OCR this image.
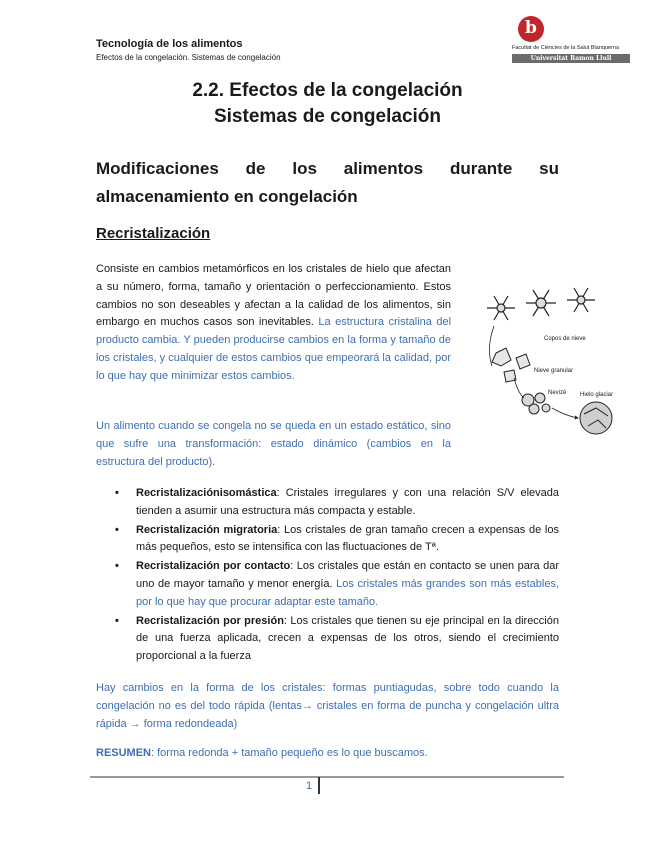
Tecnología de los alimentos
Efectos de la congelación. Sistemas de congelación
b
Facultat de Ciències de la Salut Blanquerna
Universitat Ramon Llull
2.2. Efectos de la congelación
Sistemas de congelación
Modificaciones de los alimentos durante su
almacenamiento en congelación
Recristalización
Consiste en cambios metamórficos en los cristales de hielo que afectan a su número, forma, tamaño y orientación o perfeccionamiento. Estos cambios no son deseables y afectan a la calidad de los alimentos, sin embargo en muchos casos son inevitables. La estructura cristalina del producto cambia. Y pueden producirse cambios en la forma y tamaño de los cristales, y cualquier de estos cambios que empeorará la calidad, por lo que hay que minimizar estos cambios.
Un alimento cuando se congela no se queda en un estado estático, sino que sufre una transformación: estado dinámico (cambios en la estructura del producto).
Copos de nieve
Nieve granular
Nevizé Hielo glaciar
• Recristalizaciónisomástica: Cristales irregulares y con una relación S/V elevada tienden a asumir una estructura más compacta y estable.
• Recristalización migratoria: Los cristales de gran tamaño crecen a expensas de los más pequeños, esto se intensifica con las fluctuaciones de Tª.
• Recristalización por contacto: Los cristales que están en contacto se unen para dar uno de mayor tamaño y menor energía. Los cristales más grandes son más estables, por lo que hay que procurar adaptar este tamaño.
• Recristalización por presión: Los cristales que tienen su eje principal en la dirección de una fuerza aplicada, crecen a expensas de los otros, siendo el crecimiento proporcional a la fuerza
Hay cambios en la forma de los cristales: formas puntiagudas, sobre todo cuando la congelación no es del todo rápida (lentas→ cristales en forma de puncha y congelación ultra rápida → forma redondeada)
RESUMEN: forma redonda + tamaño pequeño es lo que buscamos.
1
